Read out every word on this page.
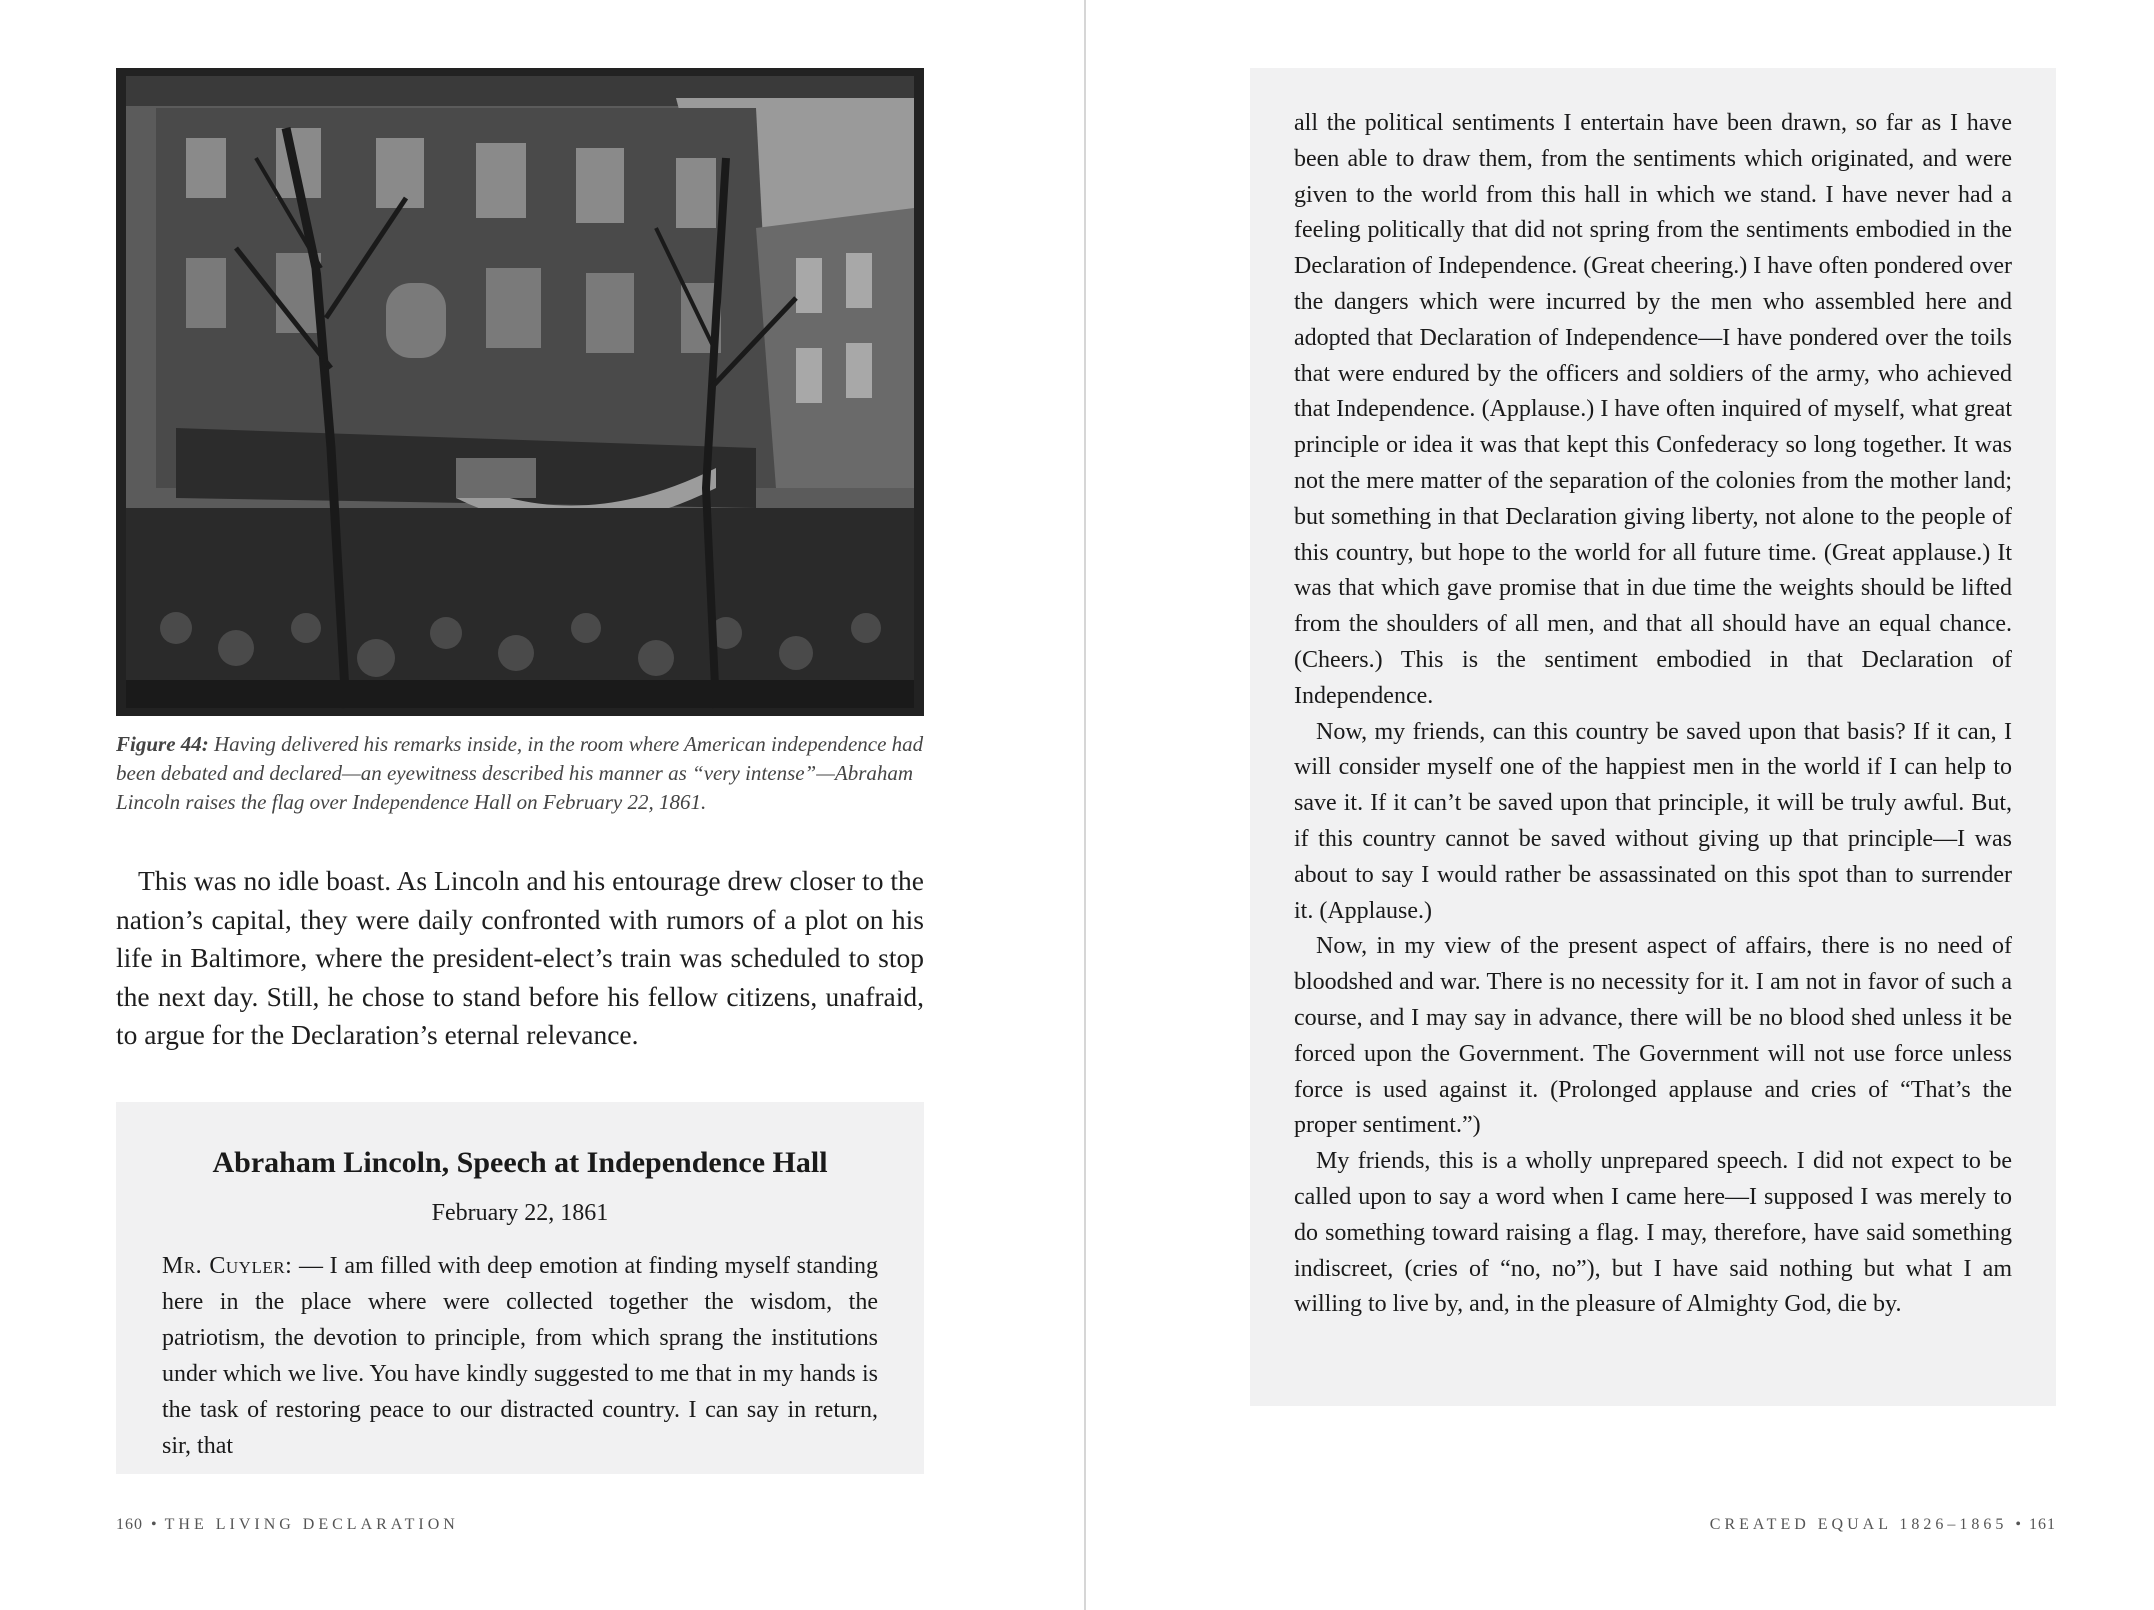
Figure 44: Having delivered his remarks inside, in the room where American independence had been debated and declared—an eyewitness described his manner as “very intense”—Abraham Lincoln raises the flag over Independence Hall on February 22, 1861.
This was no idle boast. As Lincoln and his entourage drew closer to the nation’s capital, they were daily confronted with rumors of a plot on his life in Baltimore, where the president-elect’s train was scheduled to stop the next day. Still, he chose to stand before his fellow citizens, unafraid, to argue for the Declaration’s eternal relevance.
Abraham Lincoln, Speech at Independence Hall
February 22, 1861
Mr. Cuyler: — I am filled with deep emotion at finding myself standing here in the place where were collected together the wisdom, the patriotism, the devotion to principle, from which sprang the institutions under which we live. You have kindly suggested to me that in my hands is the task of restoring peace to our distracted country. I can say in return, sir, that
160 • THE LIVING DECLARATION

all the political sentiments I entertain have been drawn, so far as I have been able to draw them, from the sentiments which originated, and were given to the world from this hall in which we stand. I have never had a feeling politically that did not spring from the sentiments embodied in the Declaration of Independence. (Great cheering.) I have often pondered over the dangers which were incurred by the men who assembled here and adopted that Declaration of Independence—I have pondered over the toils that were endured by the officers and soldiers of the army, who achieved that Independence. (Applause.) I have often inquired of myself, what great principle or idea it was that kept this Confederacy so long together. It was not the mere matter of the separation of the colonies from the mother land; but something in that Declaration giving liberty, not alone to the people of this country, but hope to the world for all future time. (Great applause.) It was that which gave promise that in due time the weights should be lifted from the shoulders of all men, and that all should have an equal chance. (Cheers.) This is the sentiment embodied in that Declaration of Independence.

Now, my friends, can this country be saved upon that basis? If it can, I will consider myself one of the happiest men in the world if I can help to save it. If it can’t be saved upon that principle, it will be truly awful. But, if this country cannot be saved without giving up that principle—I was about to say I would rather be assassinated on this spot than to surrender it. (Applause.)

Now, in my view of the present aspect of affairs, there is no need of bloodshed and war. There is no necessity for it. I am not in favor of such a course, and I may say in advance, there will be no blood shed unless it be forced upon the Government. The Government will not use force unless force is used against it. (Prolonged applause and cries of “That’s the proper sentiment.”)

My friends, this is a wholly unprepared speech. I did not expect to be called upon to say a word when I came here—I supposed I was merely to do something toward raising a flag. I may, therefore, have said something indiscreet, (cries of “no, no”), but I have said nothing but what I am willing to live by, and, in the pleasure of Almighty God, die by.

CREATED EQUAL 1826–1865 • 161
